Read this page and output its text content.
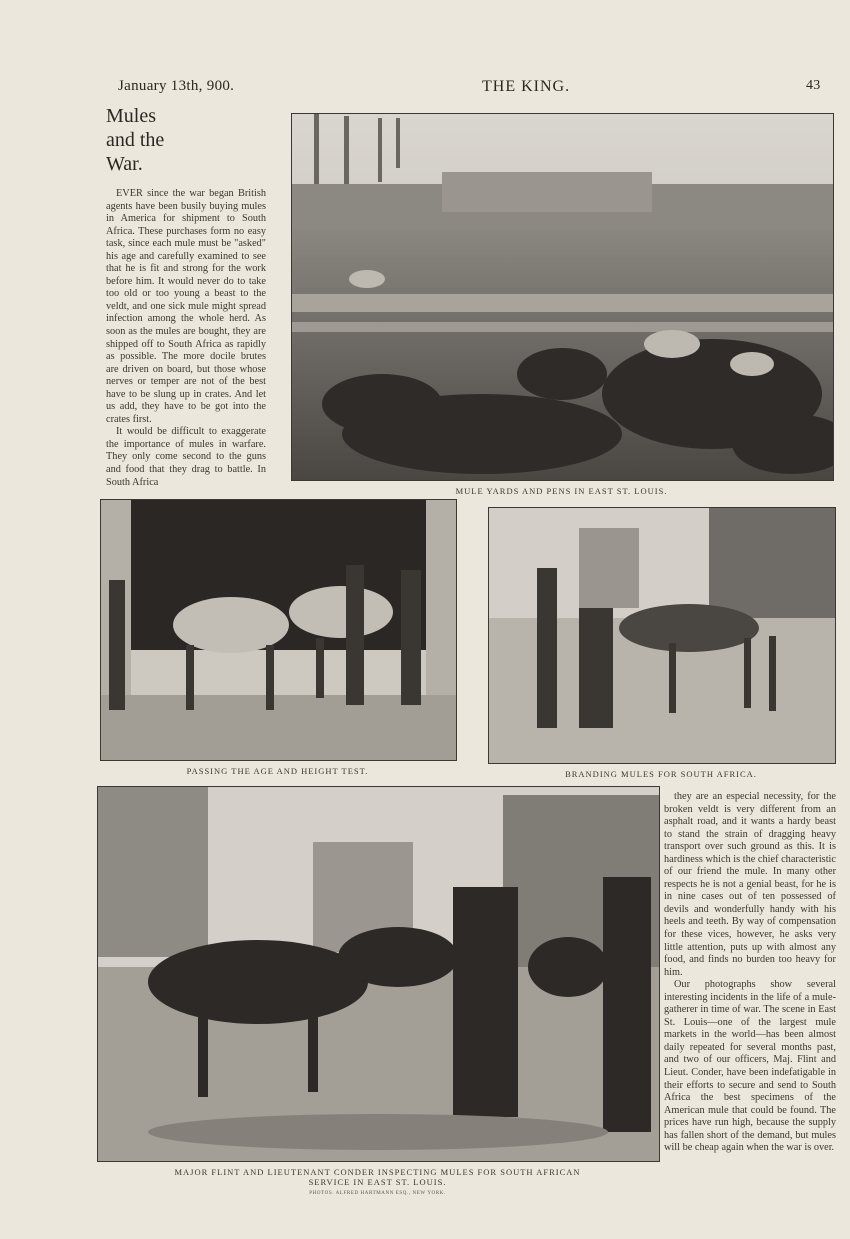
January 13th, 900.	THE KING.	43
Mules
and the
War.

EVER since the war began British agents have been busily buying mules in America for shipment to South Africa. These purchases form no easy task, since each mule must be "asked" his age and carefully examined to see that he is fit and strong for the work before him. It would never do to take too old or too young a beast to the veldt, and one sick mule might spread infection among the whole herd. As soon as the mules are bought, they are shipped off to South Africa as rapidly as possible. The more docile brutes are driven on board, but those whose nerves or temper are not of the best have to be slung up in crates. And let us add, they have to be got into the crates first.

It would be difficult to exaggerate the importance of mules in warfare. They only come second to the guns and food that they drag to battle. In South Africa

MULE YARDS AND PENS IN EAST ST. LOUIS.
PASSING THE AGE AND HEIGHT TEST.	BRANDING MULES FOR SOUTH AFRICA.
MAJOR FLINT AND LIEUTENANT CONDER INSPECTING MULES FOR SOUTH AFRICAN
SERVICE IN EAST ST. LOUIS.
PHOTOS. ALFRED HARTMANN ESQ., NEW YORK.

they are an especial necessity, for the broken veldt is very different from an asphalt road, and it wants a hardy beast to stand the strain of dragging heavy transport over such ground as this. It is hardiness which is the chief characteristic of our friend the mule. In many other respects he is not a genial beast, for he is in nine cases out of ten possessed of devils and wonderfully handy with his heels and teeth. By way of compensation for these vices, however, he asks very little attention, puts up with almost any food, and finds no burden too heavy for him.

Our photographs show several interesting incidents in the life of a mule-gatherer in time of war. The scene in East St. Louis—one of the largest mule markets in the world—has been almost daily repeated for several months past, and two of our officers, Maj. Flint and Lieut. Conder, have been indefatigable in their efforts to secure and send to South Africa the best specimens of the American mule that could be found. The prices have run high, because the supply has fallen short of the demand, but mules will be cheap again when the war is over.
